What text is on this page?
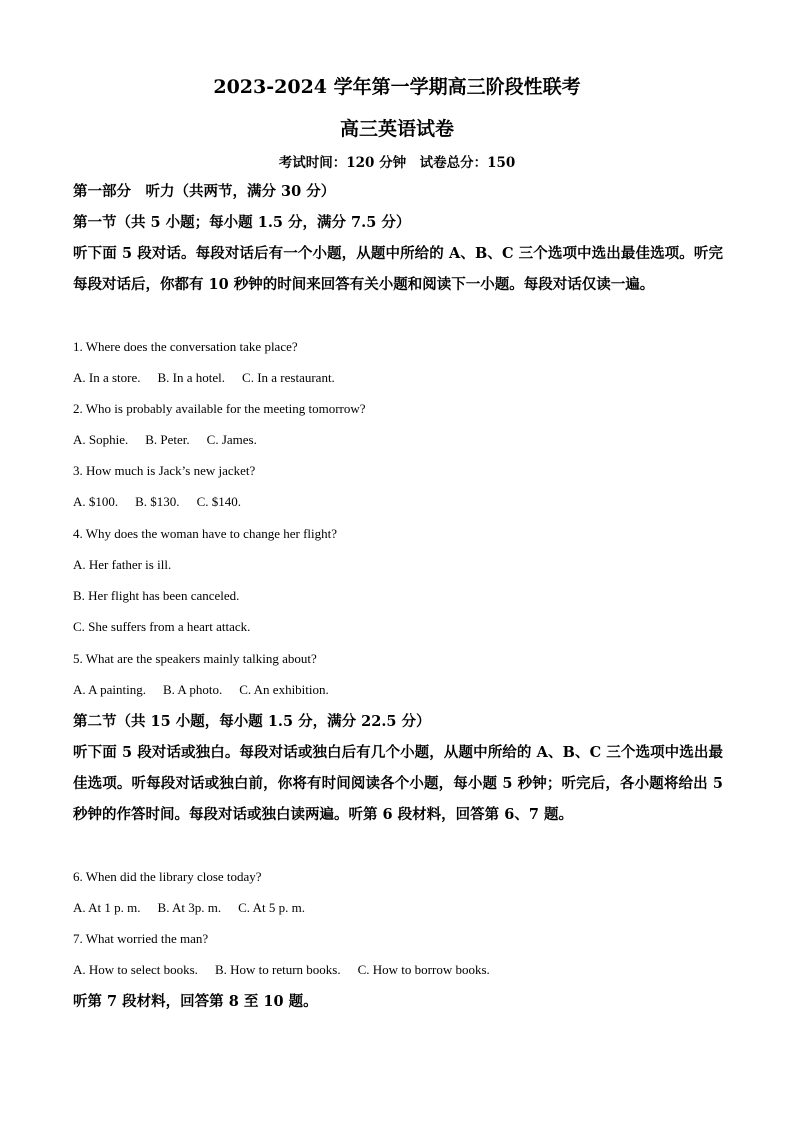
2023-2024 学年第一学期高三阶段性联考
高三英语试卷
考试时间：120 分钟　试卷总分：150
第一部分　听力（共两节，满分 30 分）
第一节（共 5 小题；每小题 1.5 分，满分 7.5 分）
听下面 5 段对话。每段对话后有一个小题，从题中所给的 A、B、C 三个选项中选出最佳选项。听完每段对话后，你都有 10 秒钟的时间来回答有关小题和阅读下一小题。每段对话仅读一遍。
1. Where does the conversation take place?
A. In a store. B. In a hotel. C. In a restaurant.
2. Who is probably available for the meeting tomorrow?
A. Sophie. B. Peter. C. James.
3. How much is Jack’s new jacket?
A. $100. B. $130. C. $140.
4. Why does the woman have to change her flight?
A. Her father is ill.
B. Her flight has been canceled.
C. She suffers from a heart attack.
5. What are the speakers mainly talking about?
A. A painting. B. A photo. C. An exhibition.
第二节（共 15 小题，每小题 1.5 分，满分 22.5 分）
听下面 5 段对话或独白。每段对话或独白后有几个小题，从题中所给的 A、B、C 三个选项中选出最佳选项。听每段对话或独白前，你将有时间阅读各个小题，每小题 5 秒钟；听完后，各小题将给出 5 秒钟的作答时间。每段对话或独白读两遍。听第 6 段材料，回答第 6、7 题。
6. When did the library close today?
A. At 1 p. m. B. At 3p. m. C. At 5 p. m.
7. What worried the man?
A. How to select books. B. How to return books. C. How to borrow books.
听第 7 段材料，回答第 8 至 10 题。
